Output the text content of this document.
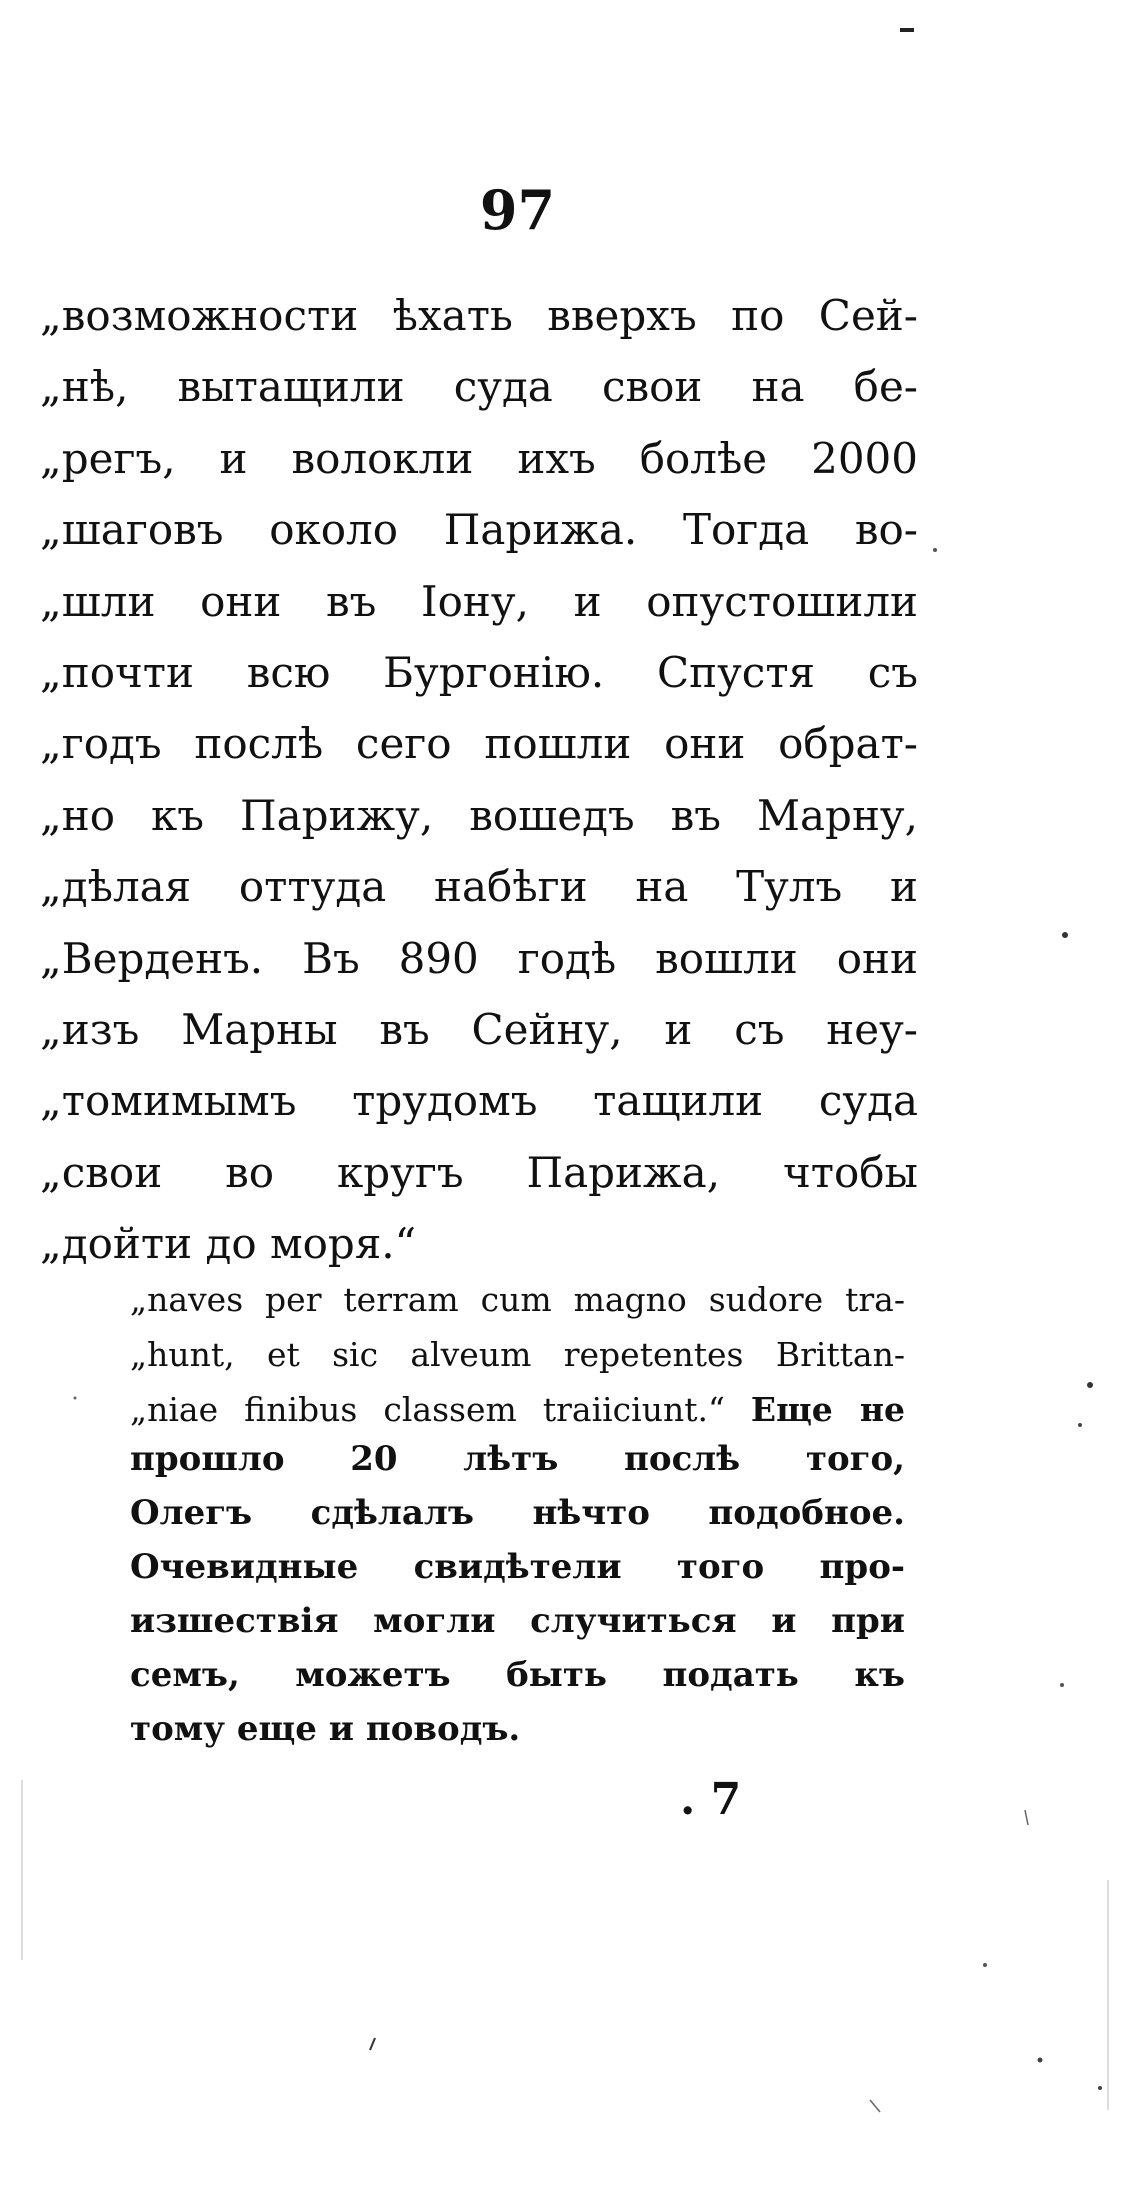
97
„возможности ѣхать вверхъ по Сей-
„нѣ, вытащили суда свои на бе-
„регъ, и волокли ихъ болѣе 2000
„шаговъ около Парижа. Тогда во-
„шли они въ Іону, и опустошили
„почти всю Бургонію. Спустя съ
„годъ послѣ сего пошли они обрат-
„но къ Парижу, вошедъ въ Марну,
„дѣлая оттуда набѣги на Тулъ и
„Верденъ. Въ 890 годѣ вошли они
„изъ Марны въ Сейну, и съ неу-
„томимымъ трудомъ тащили суда
„свои во кругъ Парижа, чтобы
„дойти до моря.“
„naves per terram cum magno sudore tra-
„hunt, et sic alveum repetentes Brittan-
„niae finibus classem traiiciunt.“ Еще не
прошло 20 лѣтъ послѣ того,
Олегъ сдѣлалъ нѣчто подобное.
Очевидные свидѣтели того про-
изшествія могли случиться и при
семъ, можетъ быть подать къ
тому еще и поводъ.
. 7
